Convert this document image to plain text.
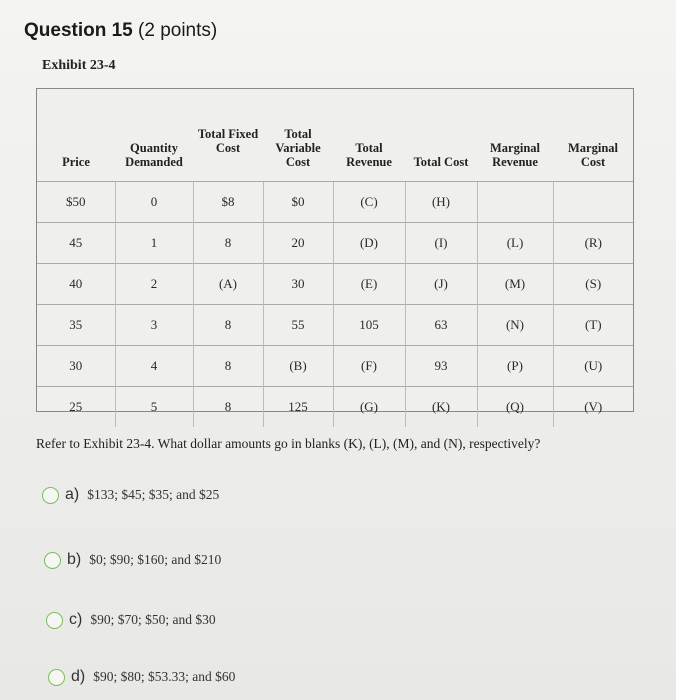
Question 15 (2 points)
Exhibit 23-4
Price	Quantity Demanded	Total Fixed Cost	Total Variable Cost	Total Revenue	Total Cost	Marginal Revenue	Marginal Cost
$50	0	$8	$0	(C)	(H)		
45	1	8	20	(D)	(I)	(L)	(R)
40	2	(A)	30	(E)	(J)	(M)	(S)
35	3	8	55	105	63	(N)	(T)
30	4	8	(B)	(F)	93	(P)	(U)
25	5	8	125	(G)	(K)	(Q)	(V)

Refer to Exhibit 23-4. What dollar amounts go in blanks (K), (L), (M), and (N), respectively?
a) $133; $45; $35; and $25
b) $0; $90; $160; and $210
c) $90; $70; $50; and $30
d) $90; $80; $53.33; and $60
